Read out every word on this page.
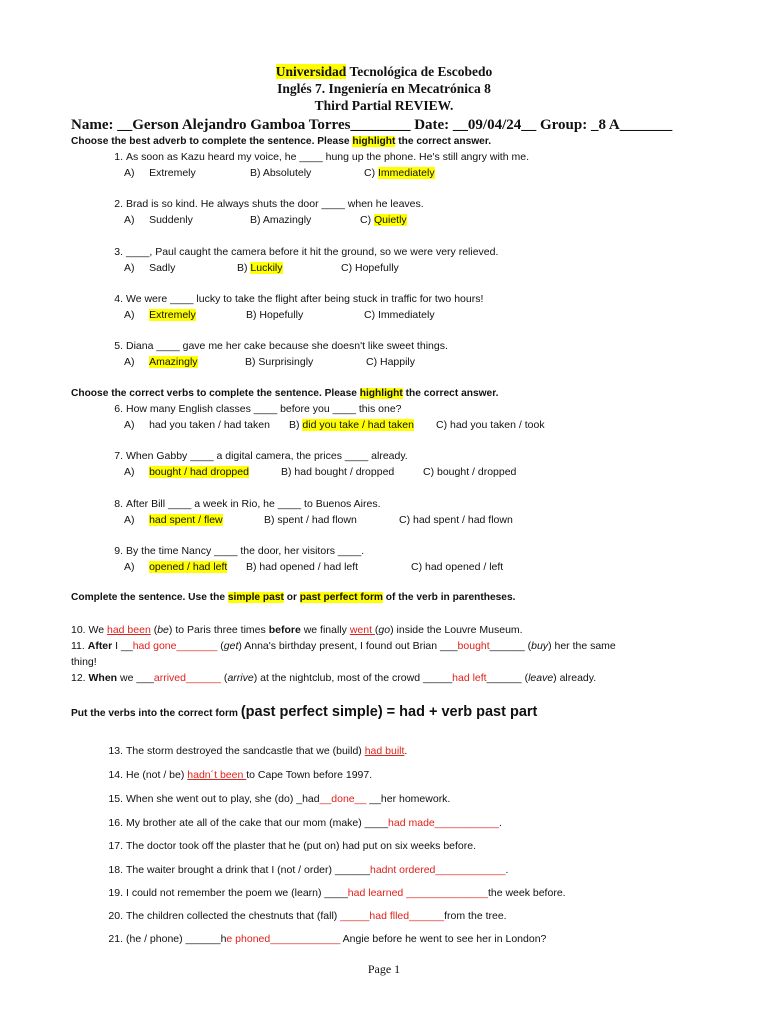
Universidad Tecnológica de Escobedo
Inglés 7. Ingeniería en Mecatrónica 8
Third Partial REVIEW.
Name: __Gerson Alejandro Gamboa Torres________ Date: __09/04/24__ Group: _8 A_______
Choose the best adverb to complete the sentence. Please highlight the correct answer.
1. As soon as Kazu heard my voice, he ____ hung up the phone. He's still angry with me.
A) Extremely	B) Absolutely	C) Immediately
2. Brad is so kind. He always shuts the door ____ when he leaves.
A) Suddenly	B) Amazingly	C) Quietly
3. ____, Paul caught the camera before it hit the ground, so we were very relieved.
A) Sadly	B) Luckily	C) Hopefully
4. We were ____ lucky to take the flight after being stuck in traffic for two hours!
A) Extremely	B) Hopefully	C) Immediately
5. Diana ____ gave me her cake because she doesn't like sweet things.
A) Amazingly	B) Surprisingly	C) Happily
Choose the correct verbs to complete the sentence. Please highlight the correct answer.
6. How many English classes ____ before you ____ this one?
A) had you taken / had taken B) did you take / had taken C) had you taken / took
7. When Gabby ____ a digital camera, the prices ____ already.
A) bought / had dropped	B) had bought / dropped	C) bought / dropped
8. After Bill ____ a week in Rio, he ____ to Buenos Aires.
A) had spent / flew	B) spent / had flown	C) had spent / had flown
9. By the time Nancy ____ the door, her visitors ____.
A) opened / had left B) had opened / had left	C) had opened / left
Complete the sentence. Use the simple past or past perfect form of the verb in parentheses.
10. We had been (be) to Paris three times before we finally went (go) inside the Louvre Museum.
11. After I __had gone_______ (get) Anna's birthday present, I found out Brian ___bought______ (buy) her the same
thing!
12. When we ___arrived______ (arrive) at the nightclub, most of the crowd _____had left______ (leave) already.
Put the verbs into the correct form (past perfect simple) = had + verb past part
13. The storm destroyed the sandcastle that we (build) had built.
14. He (not / be) hadn´t been to Cape Town before 1997.
15. When she went out to play, she (do) _had__done__ __her homework.
16. My brother ate all of the cake that our mom (make) ____had made___________.
17. The doctor took off the plaster that he (put on) had put on six weeks before.
18. The waiter brought a drink that I (not / order) ______hadnt ordered____________.
19. I could not remember the poem we (learn) ____had learned ______________the week before.
20. The children collected the chestnuts that (fall) _____had flled______from the tree.
21. (he / phone) ______he phoned____________ Angie before he went to see her in London?
Page 1
